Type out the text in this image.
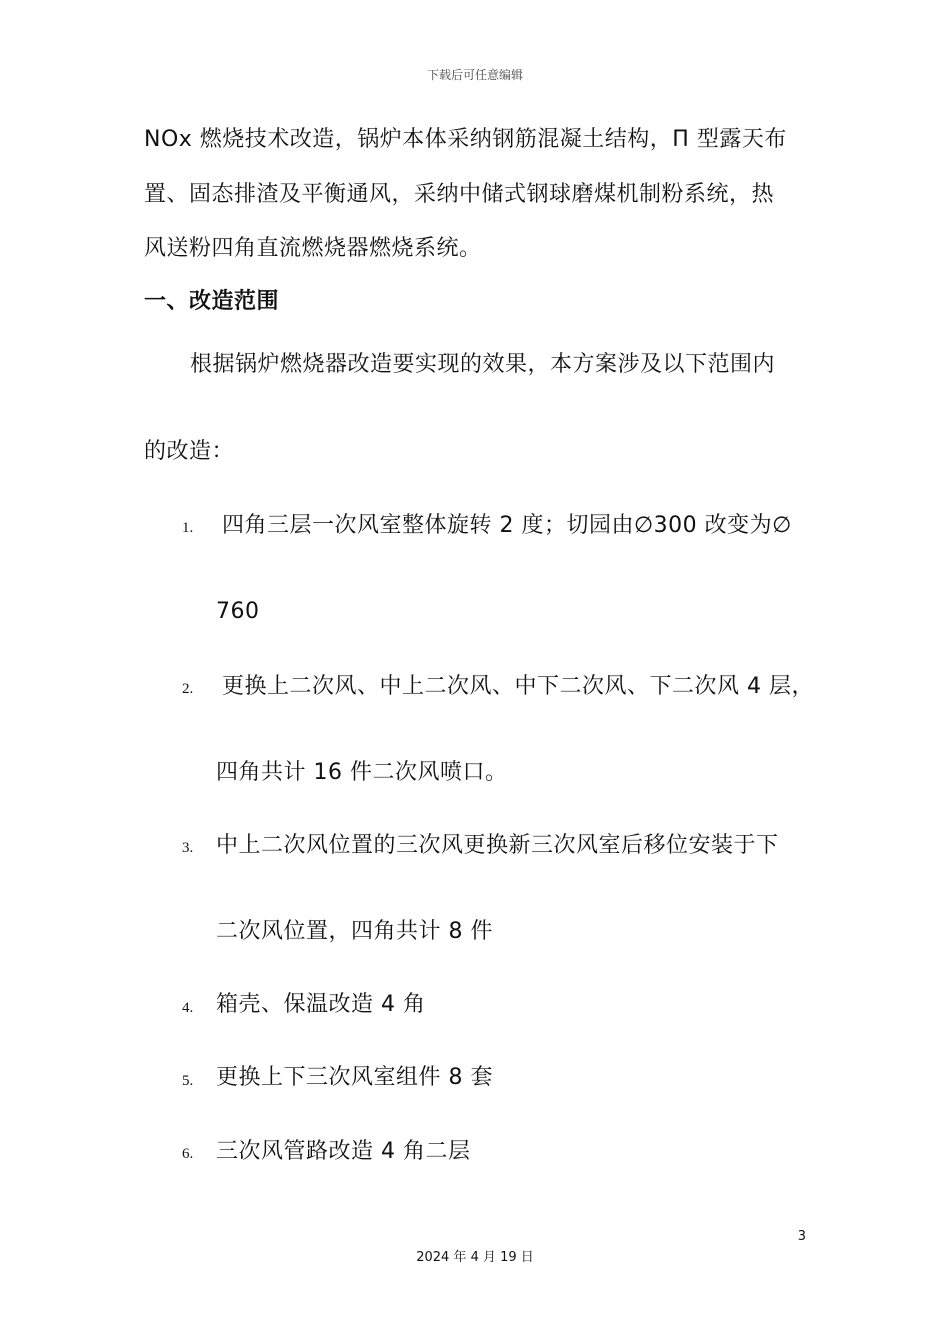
下载后可任意编辑
NOx 燃烧技术改造，锅炉本体采纳钢筋混凝土结构，Π 型露天布
置、固态排渣及平衡通风，采纳中储式钢球磨煤机制粉系统，热
风送粉四角直流燃烧器燃烧系统。
一、改造范围
根据锅炉燃烧器改造要实现的效果，本方案涉及以下范围内
的改造：
1. 四角三层一次风室整体旋转 2 度；切园由∅300 改变为∅
760
2. 更换上二次风、中上二次风、中下二次风、下二次风 4 层，
四角共计 16 件二次风喷口。
3. 中上二次风位置的三次风更换新三次风室后移位安装于下
二次风位置，四角共计 8 件
4. 箱壳、保温改造 4 角
5. 更换上下三次风室组件 8 套
6. 三次风管路改造 4 角二层
3
2024 年 4 月 19 日
